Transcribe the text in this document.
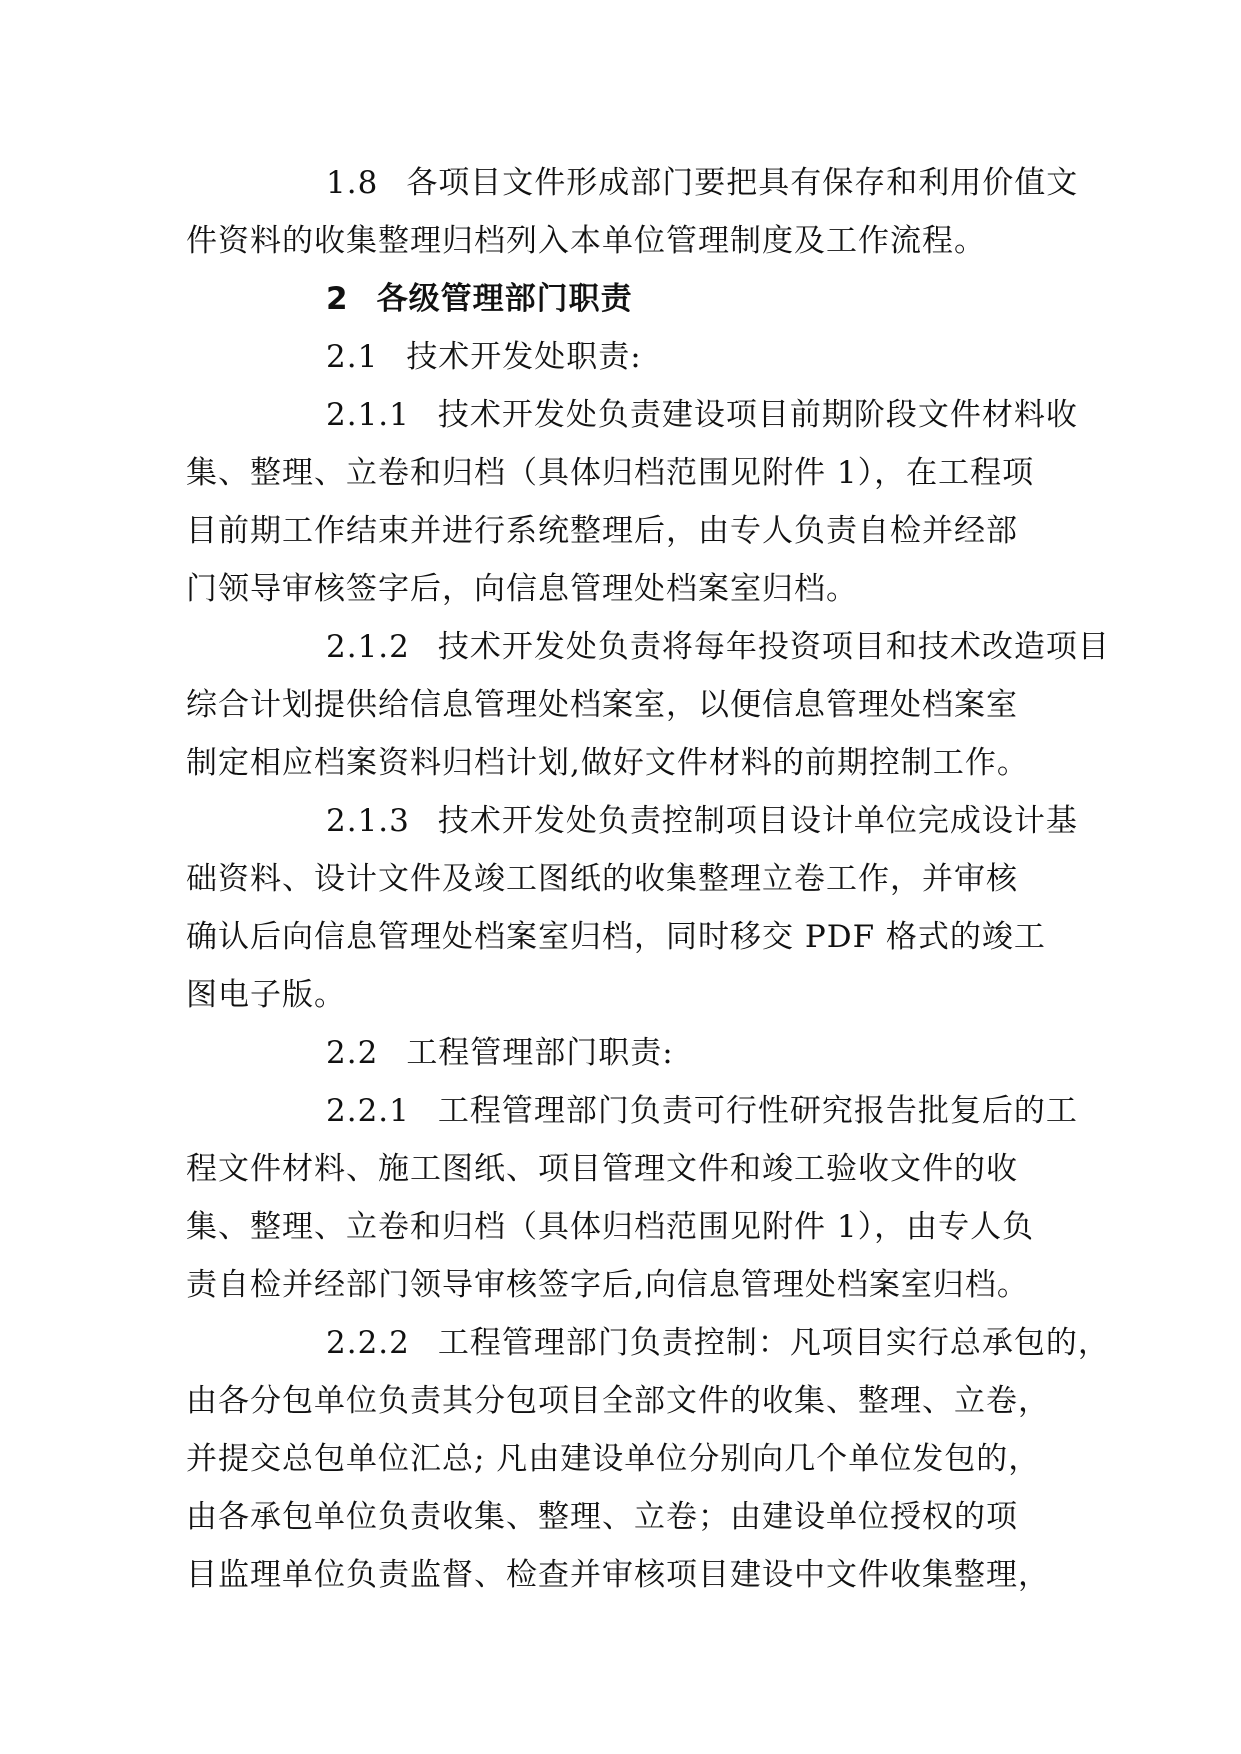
1.8 各项目文件形成部门要把具有保存和利用价值文
件资料的收集整理归档列入本单位管理制度及工作流程。
2 各级管理部门职责
2.1 技术开发处职责:
2.1.1 技术开发处负责建设项目前期阶段文件材料收
集、整理、立卷和归档（具体归档范围见附件 1），在工程项
目前期工作结束并进行系统整理后，由专人负责自检并经部
门领导审核签字后，向信息管理处档案室归档。
2.1.2 技术开发处负责将每年投资项目和技术改造项目
综合计划提供给信息管理处档案室，以便信息管理处档案室
制定相应档案资料归档计划,做好文件材料的前期控制工作。
2.1.3 技术开发处负责控制项目设计单位完成设计基
础资料、设计文件及竣工图纸的收集整理立卷工作，并审核
确认后向信息管理处档案室归档，同时移交 PDF 格式的竣工
图电子版。
2.2 工程管理部门职责:
2.2.1 工程管理部门负责可行性研究报告批复后的工
程文件材料、施工图纸、项目管理文件和竣工验收文件的收
集、整理、立卷和归档（具体归档范围见附件 1），由专人负
责自检并经部门领导审核签字后,向信息管理处档案室归档。
2.2.2 工程管理部门负责控制：凡项目实行总承包的，
由各分包单位负责其分包项目全部文件的收集、整理、立卷，
并提交总包单位汇总; 凡由建设单位分别向几个单位发包的，
由各承包单位负责收集、整理、立卷；由建设单位授权的项
目监理单位负责监督、检查并审核项目建设中文件收集整理，
